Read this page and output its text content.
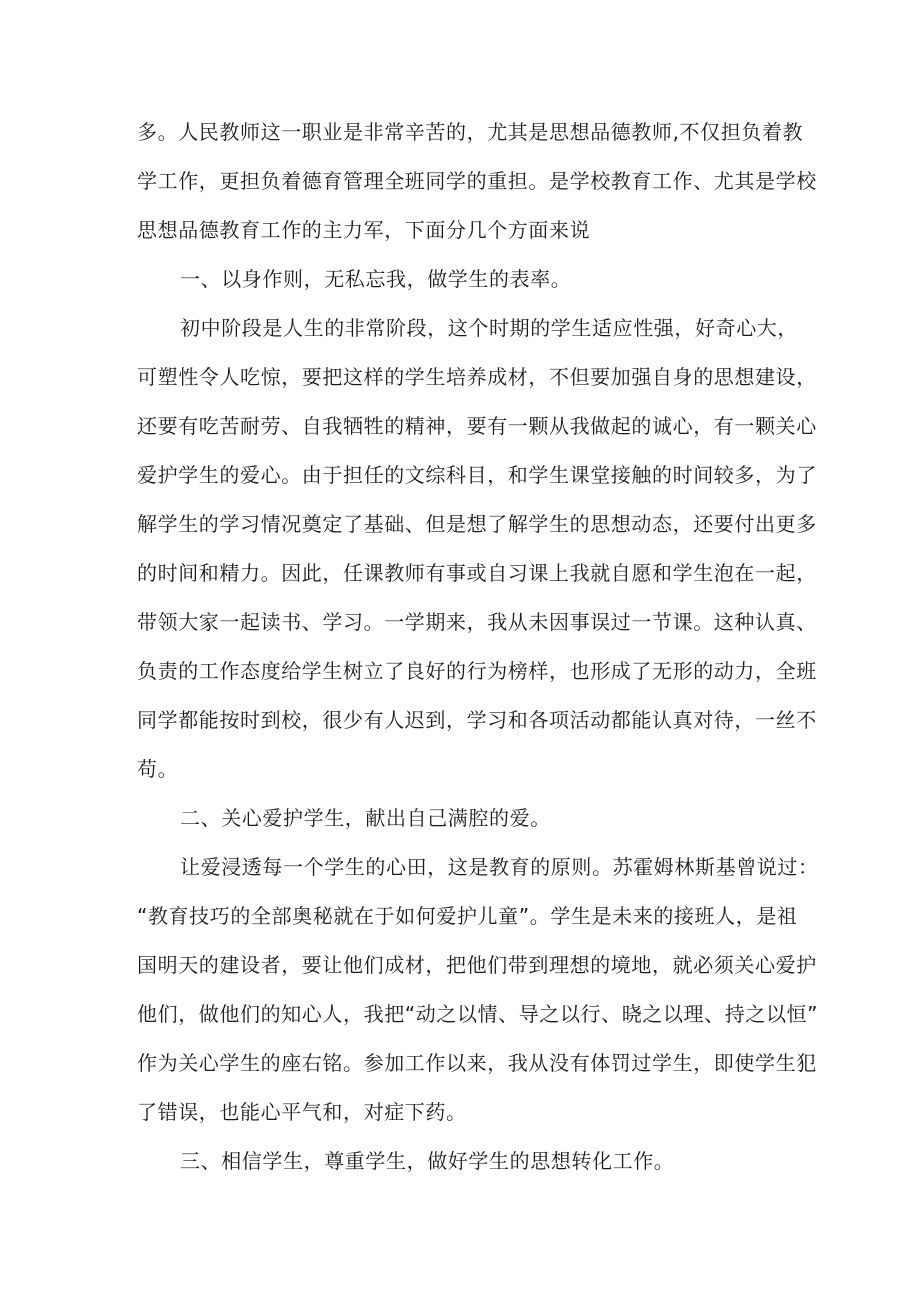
多。人民教师这一职业是非常辛苦的，尤其是思想品德教师,不仅担负着教
学工作，更担负着德育管理全班同学的重担。是学校教育工作、尤其是学校
思想品德教育工作的主力军，下面分几个方面来说
一、以身作则，无私忘我，做学生的表率。
初中阶段是人生的非常阶段，这个时期的学生适应性强，好奇心大，
可塑性令人吃惊，要把这样的学生培养成材，不但要加强自身的思想建设，
还要有吃苦耐劳、自我牺牲的精神，要有一颗从我做起的诚心，有一颗关心
爱护学生的爱心。由于担任的文综科目，和学生课堂接触的时间较多，为了
解学生的学习情况奠定了基础、但是想了解学生的思想动态，还要付出更多
的时间和精力。因此，任课教师有事或自习课上我就自愿和学生泡在一起，
带领大家一起读书、学习。一学期来，我从未因事误过一节课。这种认真、
负责的工作态度给学生树立了良好的行为榜样，也形成了无形的动力，全班
同学都能按时到校，很少有人迟到，学习和各项活动都能认真对待，一丝不
苟。
二、关心爱护学生，献出自己满腔的爱。
让爱浸透每一个学生的心田，这是教育的原则。苏霍姆林斯基曾说过：
“教育技巧的全部奥秘就在于如何爱护儿童”。学生是未来的接班人，是祖
国明天的建设者，要让他们成材，把他们带到理想的境地，就必须关心爱护
他们，做他们的知心人，我把“动之以情、导之以行、晓之以理、持之以恒”
作为关心学生的座右铭。参加工作以来，我从没有体罚过学生，即使学生犯
了错误，也能心平气和，对症下药。
三、相信学生，尊重学生，做好学生的思想转化工作。
